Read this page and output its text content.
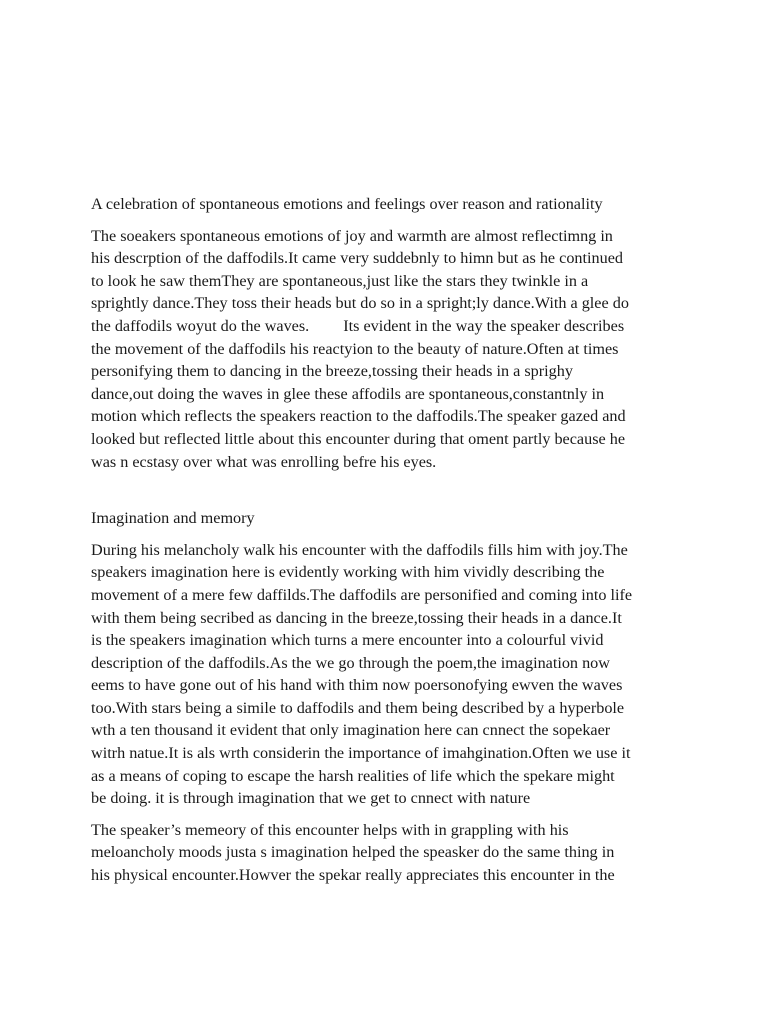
A celebration of spontaneous emotions and feelings over reason and rationality

The soeakers spontaneous emotions of joy and warmth are almost reflectimng in
his descrption of the daffodils.It came very suddebnly to himn but as he continued
to look he saw themThey are spontaneous,just like the stars they twinkle in a
sprightly dance.They toss their heads but do so in a spright;ly dance.With a glee do
the daffodils woyut do the waves. Its evident in the way the speaker describes
the movement of the daffodils his reactyion to the beauty of nature.Often at times
personifying them to dancing in the breeze,tossing their heads in a sprighy
dance,out doing the waves in glee these affodils are spontaneous,constantnly in
motion which reflects the speakers reaction to the daffodils.The speaker gazed and
looked but reflected little about this encounter during that oment partly because he
was n ecstasy over what was enrolling befre his eyes.

Imagination and memory

During his melancholy walk his encounter with the daffodils fills him with joy.The
speakers imagination here is evidently working with him vividly describing the
movement of a mere few daffilds.The daffodils are personified and coming into life
with them being secribed as dancing in the breeze,tossing their heads in a dance.It
is the speakers imagination which turns a mere encounter into a colourful vivid
description of the daffodils.As the we go through the poem,the imagination now
eems to have gone out of his hand with thim now poersonofying ewven the waves
too.With stars being a simile to daffodils and them being described by a hyperbole
wth a ten thousand it evident that only imagination here can cnnect the sopekaer
witrh natue.It is als wrth considerin the importance of imahgination.Often we use it
as a means of coping to escape the harsh realities of life which the spekare might
be doing. it is through imagination that we get to cnnect with nature

The speaker’s memeory of this encounter helps with in grappling with his
meloancholy moods justa s imagination helped the speasker do the same thing in
his physical encounter.Howver the spekar really appreciates this encounter in the
